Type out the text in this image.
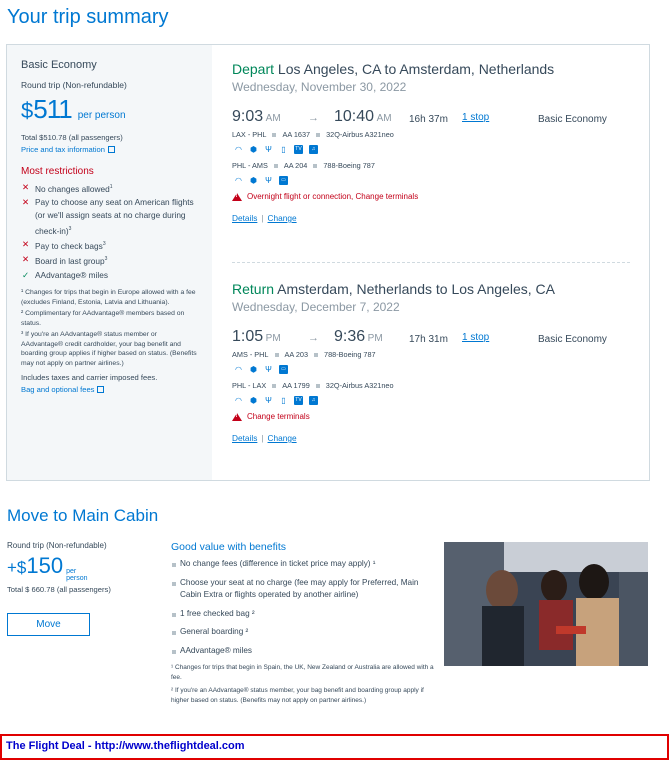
Your trip summary
Basic Economy
Round trip (Non-refundable)
$ 511 per person
Total $510.78 (all passengers)
Price and tax information
Most restrictions
✕ No changes allowed$^1$
✕ Pay to choose any seat on American flights (or we'll assign seats at no charge during check-in)$^3$
✕ Pay to check bags$^3$
✕ Board in last group$^3$
✓ AAdvantage® miles

¹ Changes for trips that begin in Europe allowed with a fee (excludes Finland, Estonia, Latvia and Lithuania).

² Complimentary for AAdvantage® members based on status.

³ If you're an AAdvantage® status member or AAdvantage® credit cardholder, your bag benefit and boarding group applies if higher based on status. (Benefits may not apply on partner airlines.)

Includes taxes and carrier imposed fees.
Bag and optional fees
Depart Los Angeles, CA to Amsterdam, Netherlands
Wednesday, November 30, 2022
9:03 AM → 10:40 AM 16h 37m 1 stop	Basic Economy
LAX - PHL AA 1637 32Q-Airbus A321neo
◠ ⬢ Ψ ▯	TV	♫
PHL - AMS AA 204 788-Boeing 787
◠ ⬢ Ψ	▭
!
Overnight flight or connection, Change terminals
Details | Change
Return Amsterdam, Netherlands to Los Angeles, CA
Wednesday, December 7, 2022
1:05 PM → 9:36 PM	17h 31m 1 stop	Basic Economy
AMS - PHL AA 203 788-Boeing 787
◠ ⬢ Ψ	▭
PHL - LAX AA 1799 32Q-Airbus A321neo
◠ ⬢ Ψ ▯	TV	♫
!
Change terminals
Details | Change
Move to Main Cabin
Round trip (Non-refundable)
+$ 150 per person
Total $ 660.78 (all passengers)
Move
Good value with benefits
No change fees (difference in ticket price may apply) ¹
Choose your seat at no charge (fee may apply for Preferred, Main Cabin Extra or flights operated by another airline)
1 free checked bag ²
General boarding ²
AAdvantage® miles

¹ Changes for trips that begin in Spain, the UK, New Zealand or Australia are allowed with a fee.

² If you're an AAdvantage® status member, your bag benefit and boarding group apply if higher based on status. (Benefits may not apply on partner airlines.)

The Flight Deal - http://www.theflightdeal.com
